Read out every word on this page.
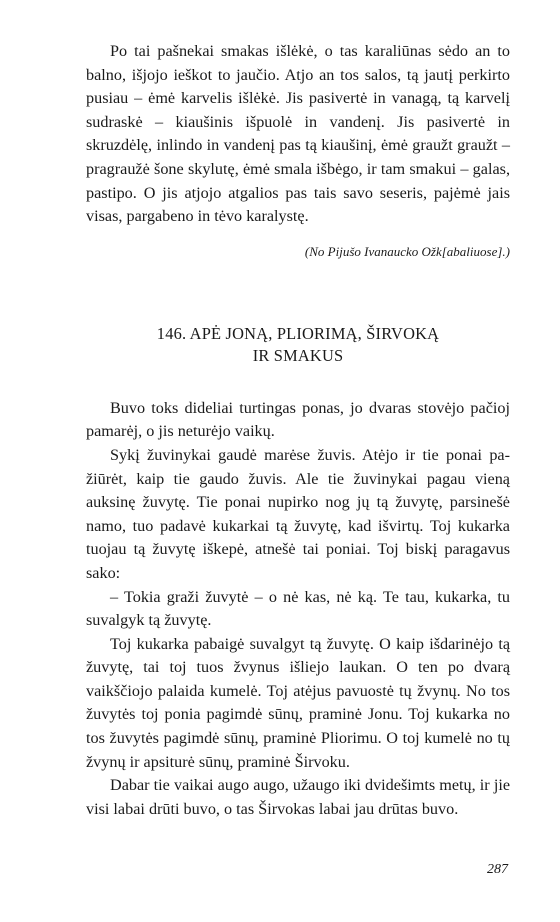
Po tai pašnekai smakas išlėkė, o tas karaliūnas sėdo an to balno, išjojo ieškot to jaučio. Atjo an tos salos, tą jautį perkirto pusiau – ėmė karvelis išlėkė. Jis pasivertė in vanagą, tą karvelį sudraskė – kiaušinis išpuolė in vandenį. Jis pasivertė in skruzdėlę, inlindo in vandenį pas tą kiaušinį, ėmė graužt graužt – pragraužė šone skylutę, ėmė smala išbėgo, ir tam smakui – galas, pastipo. O jis atjojo atgalios pas tais savo seseris, pajėmė jais visas, pargabeno in tėvo karalystę.

(No Pijušo Ivanaucko Ožk[abaliuose].)

146. APĖ JONĄ, PLIORIMĄ, ŠIRVOKĄ
IR SMAKUS

Buvo toks dideliai turtingas ponas, jo dvaras stovėjo pačioj pamarėj, o jis neturėjo vaikų.

Sykį žuvinykai gaudė marėse žuvis. Atėjo ir tie ponai pažiūrėt, kaip tie gaudo žuvis. Ale tie žuvinykai pagau vieną auksinę žuvytę. Tie ponai nupirko nog jų tą žuvytę, parsinešė namo, tuo padavė kukarkai tą žuvytę, kad išvirtų. Toj kukarka tuojau tą žuvytę iškepė, atnešė tai poniai. Toj biskį paragavus sako:

– Tokia graži žuvytė – o nė kas, nė ką. Te tau, kukarka, tu suvalgyk tą žuvytę.

Toj kukarka pabaigė suvalgyt tą žuvytę. O kaip išdarinėjo tą žuvytę, tai toj tuos žvynus išliejo laukan. O ten po dvarą vaikščiojo palaida kumelė. Toj atėjus pavuostė tų žvynų. No tos žuvytės toj ponia pagimdė sūnų, praminė Jonu. Toj kukarka no tos žuvytės pagimdė sūnų, praminė Pliorimu. O toj kumelė no tų žvynų ir apsiturė sūnų, praminė Širvoku.

Dabar tie vaikai augo augo, užaugo iki dvidešimts metų, ir jie visi labai drūti buvo, o tas Širvokas labai jau drūtas buvo.

287
